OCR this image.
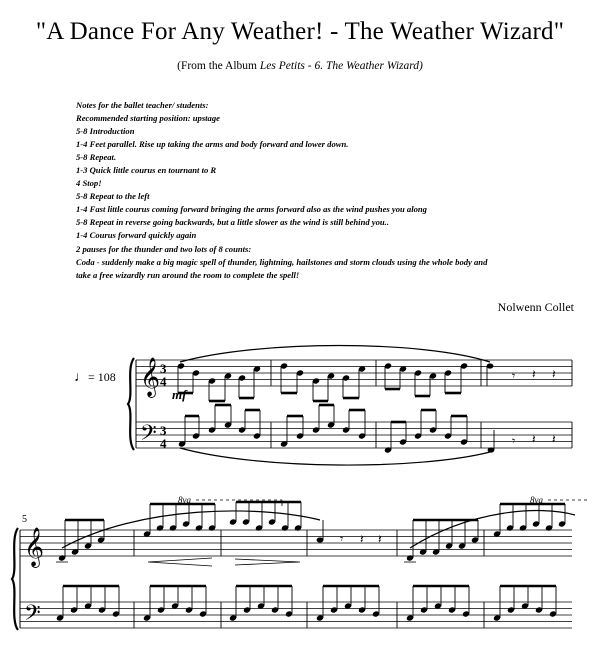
"A Dance For Any Weather! - The Weather Wizard"
(From the Album Les Petits - 6. The Weather Wizard)
Notes for the ballet teacher/ students:
Recommended starting position: upstage
5-8 Introduction
1-4 Feet parallel. Rise up taking the arms and body forward and lower down.
5-8 Repeat.
1-3 Quick little courus en tournant to R
4 Stop!
5-8 Repeat to the left
1-4 Fast little courus coming forward bringing the arms forward also as the wind pushes you along
5-8 Repeat in reverse going backwards, but a little slower as the wind is still behind you..
1-4 Courus forward quickly again
2 pauses for the thunder and two lots of 8 counts:
Coda - suddenly make a big magic spell of thunder, lightning, hailstones and storm clouds using the whole body and
take a free wizardly run around the room to complete the spell!
Nolwenn Collet
♩= 108
5
𝄞
𝄢
𝄞
𝄢
𝄾 𝄽 𝄽
𝄾 𝄽 𝄽
𝄾 𝄽 𝄽
mf
3
4
3
4
8va	8va
